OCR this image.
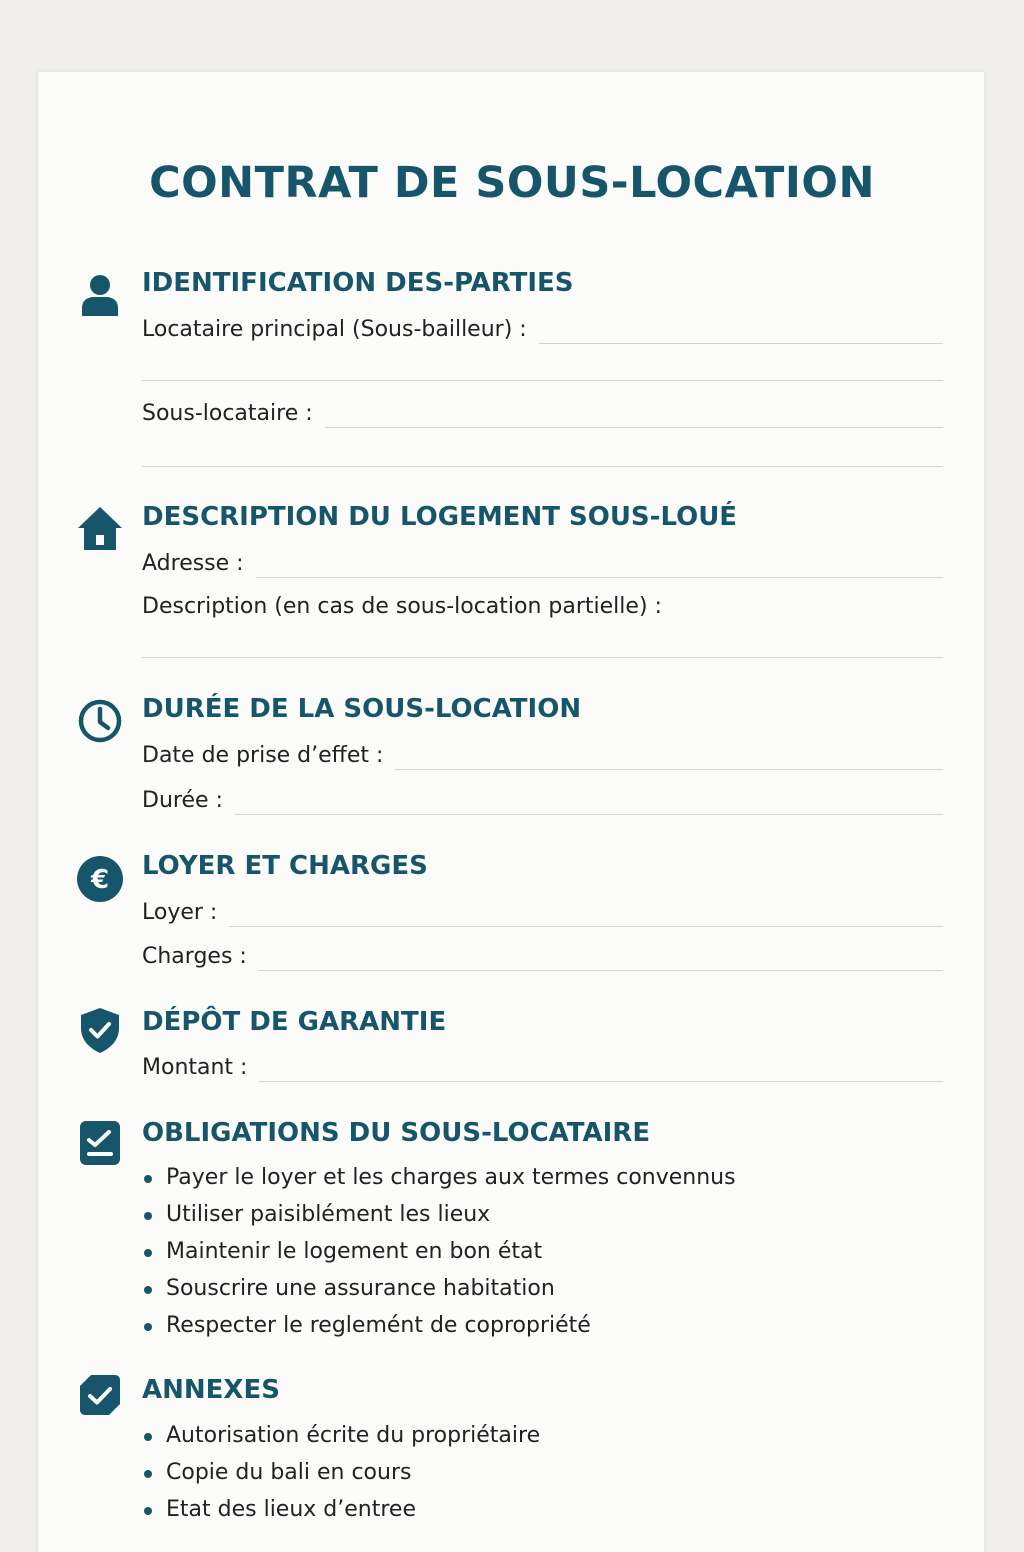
CONTRAT DE SOUS-LOCATION
IDENTIFICATION DES-PARTIES
Locataire principal (Sous-bailleur) :
Sous-locataire :
DESCRIPTION DU LOGEMENT SOUS-LOUÉ
Adresse :
Description (en cas de sous-location partielle) :
DURÉE DE LA SOUS-LOCATION
Date de prise d’effet :
Durée :
€ LOYER ET CHARGES
Loyer :
Charges :
DÉPÔT DE GARANTIE
Montant :
OBLIGATIONS DU SOUS-LOCATAIRE
Payer le loyer et les charges aux termes convennus
Utiliser paisiblément les lieux
Maintenir le logement en bon état
Souscrire une assurance habitation
Respecter le reglemént de copropriété
ANNEXES
Autorisation écrite du propriétaire
Copie du bali en cours
Etat des lieux d’entree
